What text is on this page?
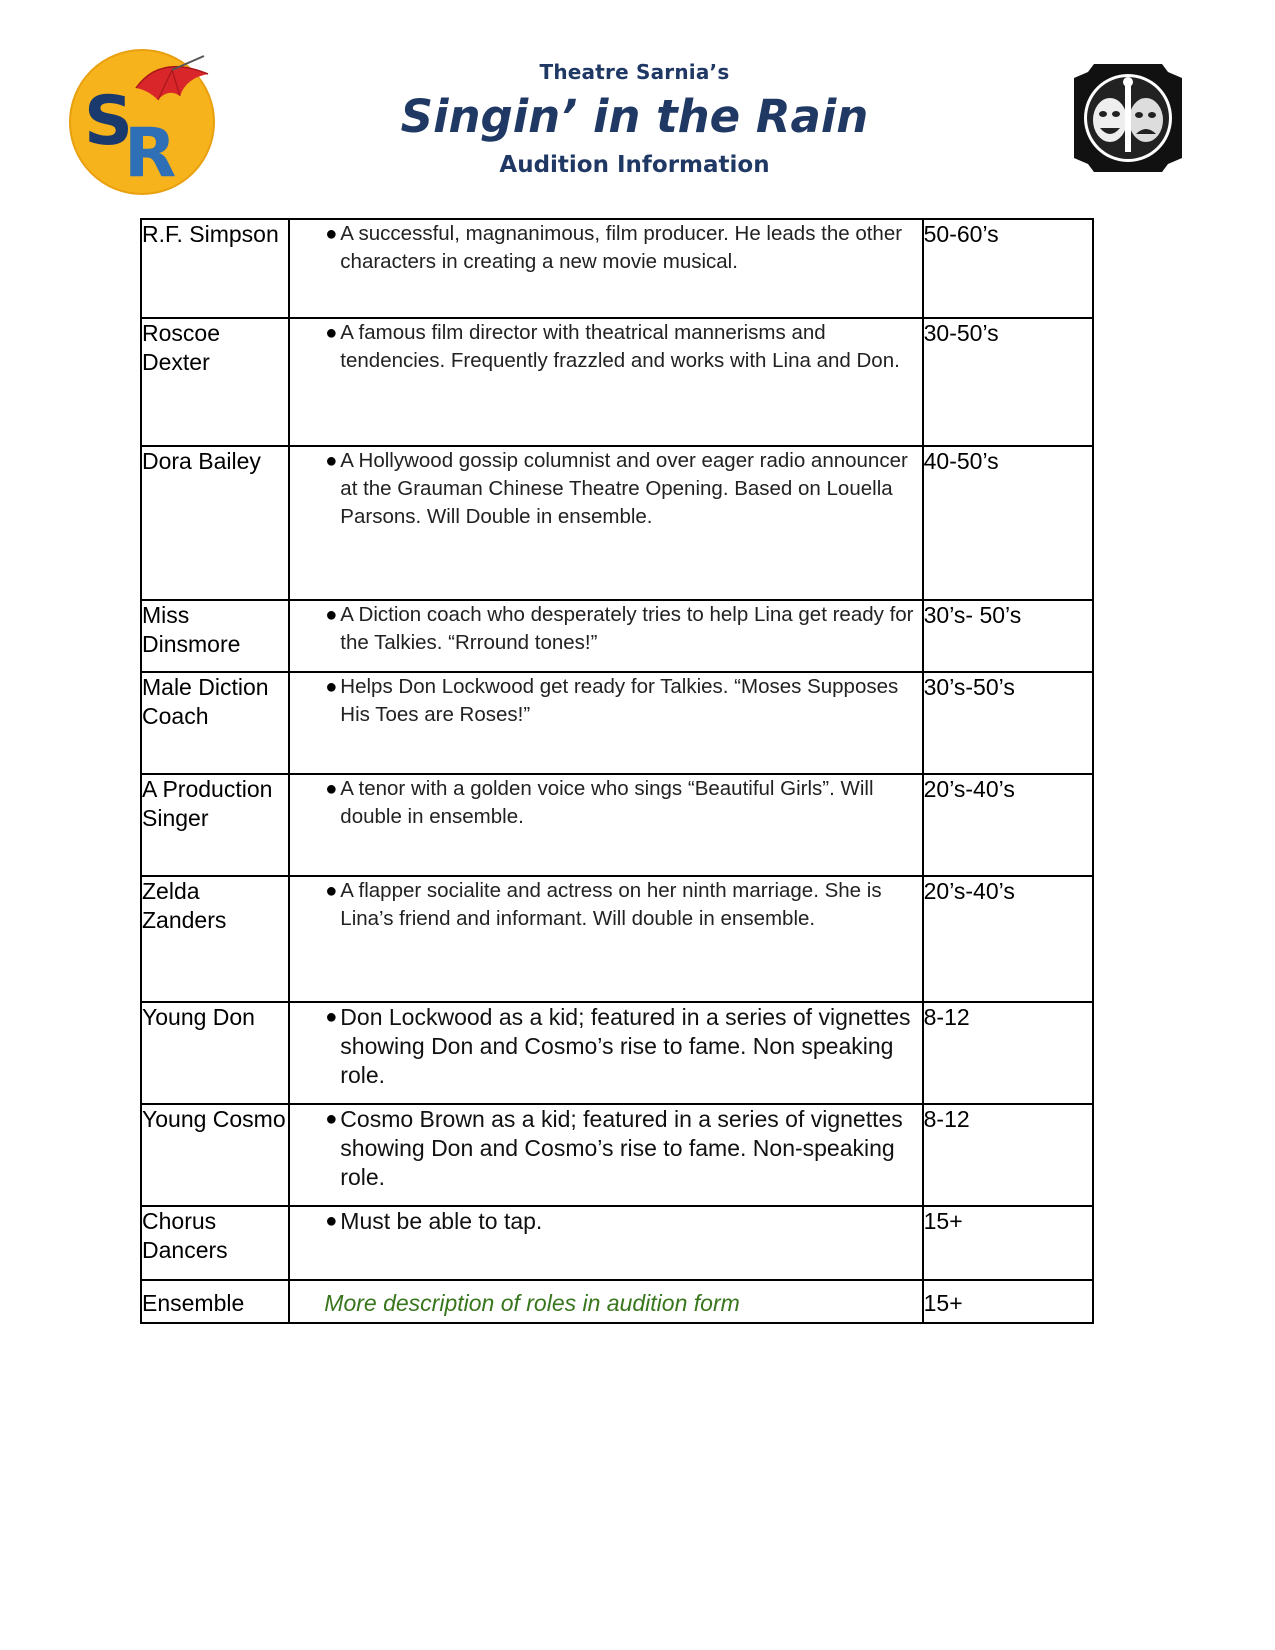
S
R
Theatre Sarnia’s
Singin’ in the Rain
Audition Information
R.F. Simpson	● A successful, magnanimous, film producer. He leads the other characters in creating a new movie musical.	50-60’s
Roscoe Dexter	● A famous film director with theatrical mannerisms and tendencies. Frequently frazzled and works with Lina and Don.	30-50’s
Dora Bailey	● A Hollywood gossip columnist and over eager radio announcer at the Grauman Chinese Theatre Opening. Based on Louella Parsons. Will Double in ensemble.	40-50’s
Miss Dinsmore	● A Diction coach who desperately tries to help Lina get ready for the Talkies. “Rrround tones!”	30’s- 50’s
Male Diction Coach	● Helps Don Lockwood get ready for Talkies. “Moses Supposes His Toes are Roses!”	30’s-50’s
A Production Singer	● A tenor with a golden voice who sings “Beautiful Girls”. Will double in ensemble.	20’s-40’s
Zelda Zanders	● A flapper socialite and actress on her ninth marriage. She is Lina’s friend and informant. Will double in ensemble.	20’s-40’s
Young Don	● Don Lockwood as a kid; featured in a series of vignettes showing Don and Cosmo’s rise to fame. Non speaking role.	8-12
Young Cosmo	● Cosmo Brown as a kid; featured in a series of vignettes showing Don and Cosmo’s rise to fame. Non-speaking role.	8-12
Chorus Dancers	● Must be able to tap.	15+
Ensemble	More description of roles in audition form	15+
